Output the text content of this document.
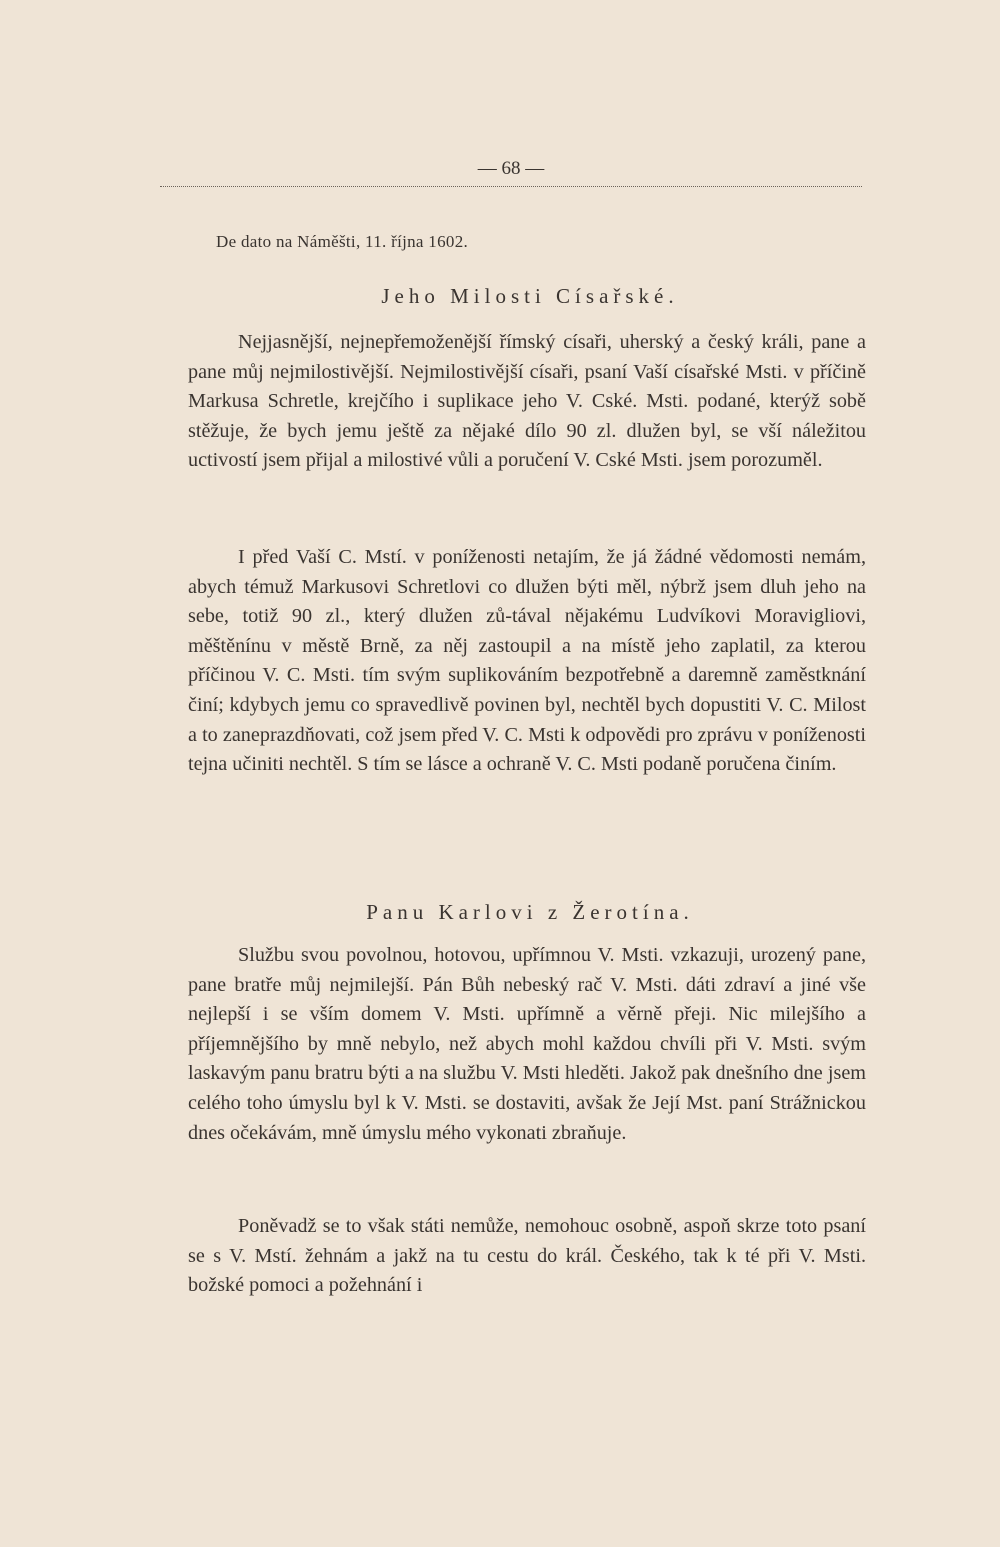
— 68 —
De dato na Náměšti, 11. října 1602.
Jeho Milosti Císařské.

Nejjasnější, nejnepřemoženější římský císaři, uherský a český králi, pane a pane můj nejmilostivější. Nejmilostivější císaři, psaní Vaší císařské Msti. v příčině Markusa Schretle, krejčího i suplikace jeho V. Cské. Msti. podané, kterýž sobě stěžuje, že bych jemu ještě za nějaké dílo 90 zl. dlužen byl, se vší náležitou uctivostí jsem přijal a milostivé vůli a poručení V. Cské Msti. jsem porozuměl.

I před Vaší C. Mstí. v poníženosti netajím, že já žádné vědomosti nemám, abych témuž Markusovi Schretlovi co dlužen býti měl, nýbrž jsem dluh jeho na sebe, totiž 90 zl., který dlužen zů-tával nějakému Ludvíkovi Moravigliovi, měštěnínu v městě Brně, za něj zastoupil a na místě jeho zaplatil, za kterou příčinou V. C. Msti. tím svým suplikováním bezpotřebně a daremně zaměstknání činí; kdybych jemu co spravedlivě povinen byl, nechtěl bych dopustiti V. C. Milost a to zaneprazdňovati, což jsem před V. C. Msti k odpovědi pro zprávu v poníženosti tejna učiniti nechtěl. S tím se lásce a ochraně V. C. Msti podaně poručena činím.

Panu Karlovi z Žerotína.

Službu svou povolnou, hotovou, upřímnou V. Msti. vzkazuji, urozený pane, pane bratře můj nejmilejší. Pán Bůh nebeský rač V. Msti. dáti zdraví a jiné vše nejlepší i se vším domem V. Msti. upřímně a věrně přeji. Nic milejšího a příjemnějšího by mně nebylo, než abych mohl každou chvíli při V. Msti. svým laskavým panu bratru býti a na službu V. Msti hleděti. Jakož pak dnešního dne jsem celého toho úmyslu byl k V. Msti. se dostaviti, avšak že Její Mst. paní Strážnickou dnes očekávám, mně úmyslu mého vykonati zbraňuje.

Poněvadž se to však státi nemůže, nemohouc osobně, aspoň skrze toto psaní se s V. Mstí. žehnám a jakž na tu cestu do král. Českého, tak k té při V. Msti. božské pomoci a požehnání i
